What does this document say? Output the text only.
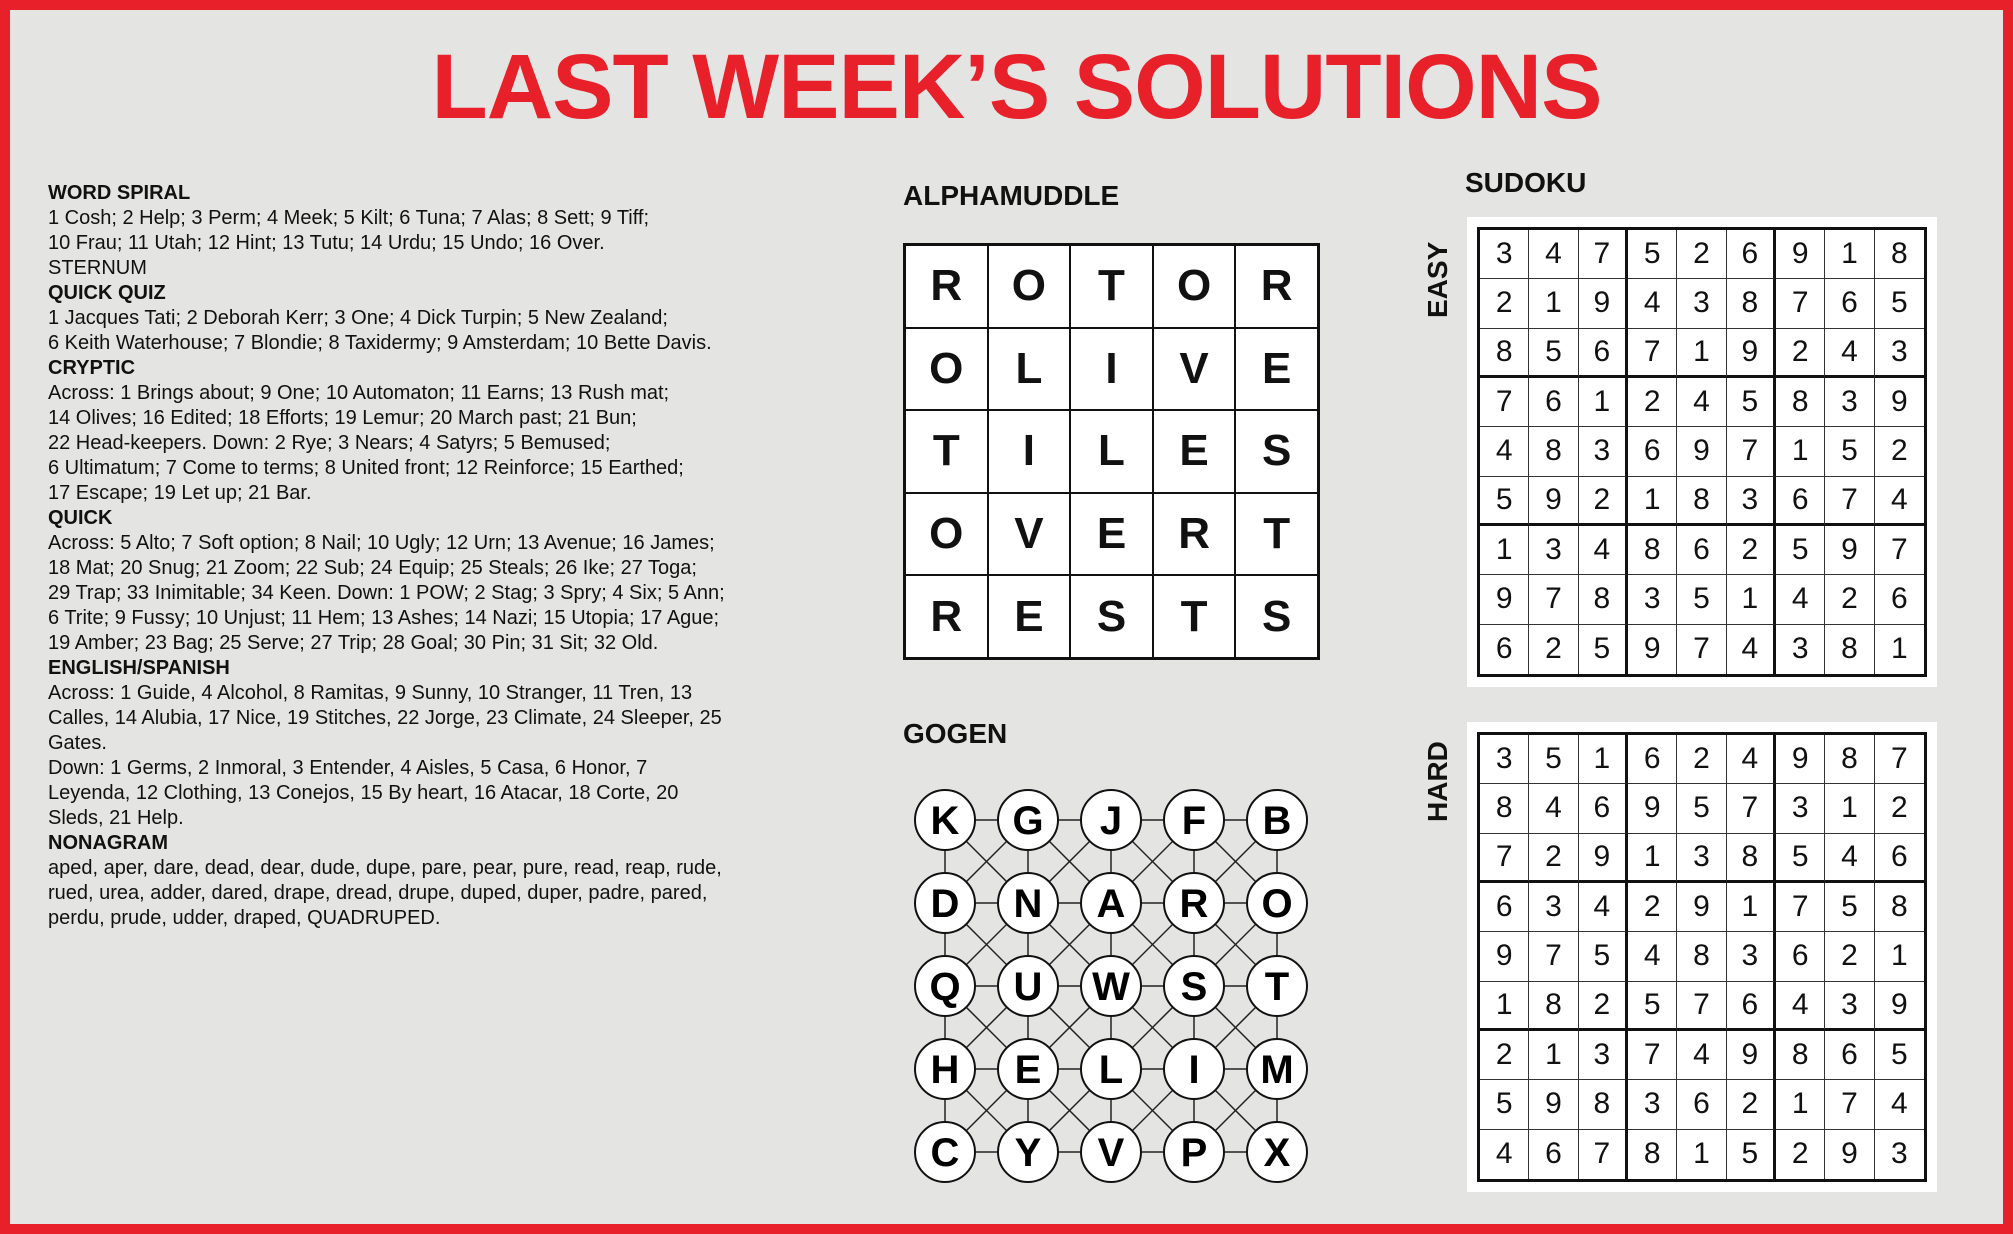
LAST WEEK’S SOLUTIONS
WORD SPIRAL
1 Cosh; 2 Help; 3 Perm; 4 Meek; 5 Kilt; 6 Tuna; 7 Alas; 8 Sett; 9 Tiff;
10 Frau; 11 Utah; 12 Hint; 13 Tutu; 14 Urdu; 15 Undo; 16 Over.
STERNUM
QUICK QUIZ
1 Jacques Tati; 2 Deborah Kerr; 3 One; 4 Dick Turpin; 5 New Zealand;
6 Keith Waterhouse; 7 Blondie; 8 Taxidermy; 9 Amsterdam; 10 Bette Davis.
CRYPTIC
Across: 1 Brings about; 9 One; 10 Automaton; 11 Earns; 13 Rush mat;
14 Olives; 16 Edited; 18 Efforts; 19 Lemur; 20 March past; 21 Bun;
22 Head-keepers. Down: 2 Rye; 3 Nears; 4 Satyrs; 5 Bemused;
6 Ultimatum; 7 Come to terms; 8 United front; 12 Reinforce; 15 Earthed;
17 Escape; 19 Let up; 21 Bar.
QUICK
Across: 5 Alto; 7 Soft option; 8 Nail; 10 Ugly; 12 Urn; 13 Avenue; 16 James;
18 Mat; 20 Snug; 21 Zoom; 22 Sub; 24 Equip; 25 Steals; 26 Ike; 27 Toga;
29 Trap; 33 Inimitable; 34 Keen. Down: 1 POW; 2 Stag; 3 Spry; 4 Six; 5 Ann;
6 Trite; 9 Fussy; 10 Unjust; 11 Hem; 13 Ashes; 14 Nazi; 15 Utopia; 17 Ague;
19 Amber; 23 Bag; 25 Serve; 27 Trip; 28 Goal; 30 Pin; 31 Sit; 32 Old.
ENGLISH/SPANISH
Across: 1 Guide, 4 Alcohol, 8 Ramitas, 9 Sunny, 10 Stranger, 11 Tren, 13
Calles, 14 Alubia, 17 Nice, 19 Stitches, 22 Jorge, 23 Climate, 24 Sleeper, 25
Gates.
Down: 1 Germs, 2 Inmoral, 3 Entender, 4 Aisles, 5 Casa, 6 Honor, 7
Leyenda, 12 Clothing, 13 Conejos, 15 By heart, 16 Atacar, 18 Corte, 20
Sleds, 21 Help.
NONAGRAM
aped, aper, dare, dead, dear, dude, dupe, pare, pear, pure, read, reap, rude,
rued, urea, adder, dared, drape, dread, drupe, duped, duper, padre, pared,
perdu, prude, udder, draped, QUADRUPED.
ALPHAMUDDLE
R	O	T	O	R
O	L	I	V	E
T	I	L	E	S
O	V	E	R	T
R	E	S	T	S
GOGEN
K G J F B
D N A R O
Q U W S T
H E L I M
C Y V P X
SUDOKU
EASY	3	4	7	5	2	6	9	1	8
2	1	9	4	3	8	7	6	5
8	5	6	7	1	9	2	4	3
7	6	1	2	4	5	8	3	9
4	8	3	6	9	7	1	5	2
5	9	2	1	8	3	6	7	4
1	3	4	8	6	2	5	9	7
9	7	8	3	5	1	4	2	6
6	2	5	9	7	4	3	8	1
HARD	3	5	1	6	2	4	9	8	7
8	4	6	9	5	7	3	1	2
7	2	9	1	3	8	5	4	6
6	3	4	2	9	1	7	5	8
9	7	5	4	8	3	6	2	1
1	8	2	5	7	6	4	3	9
2	1	3	7	4	9	8	6	5
5	9	8	3	6	2	1	7	4
4	6	7	8	1	5	2	9	3
